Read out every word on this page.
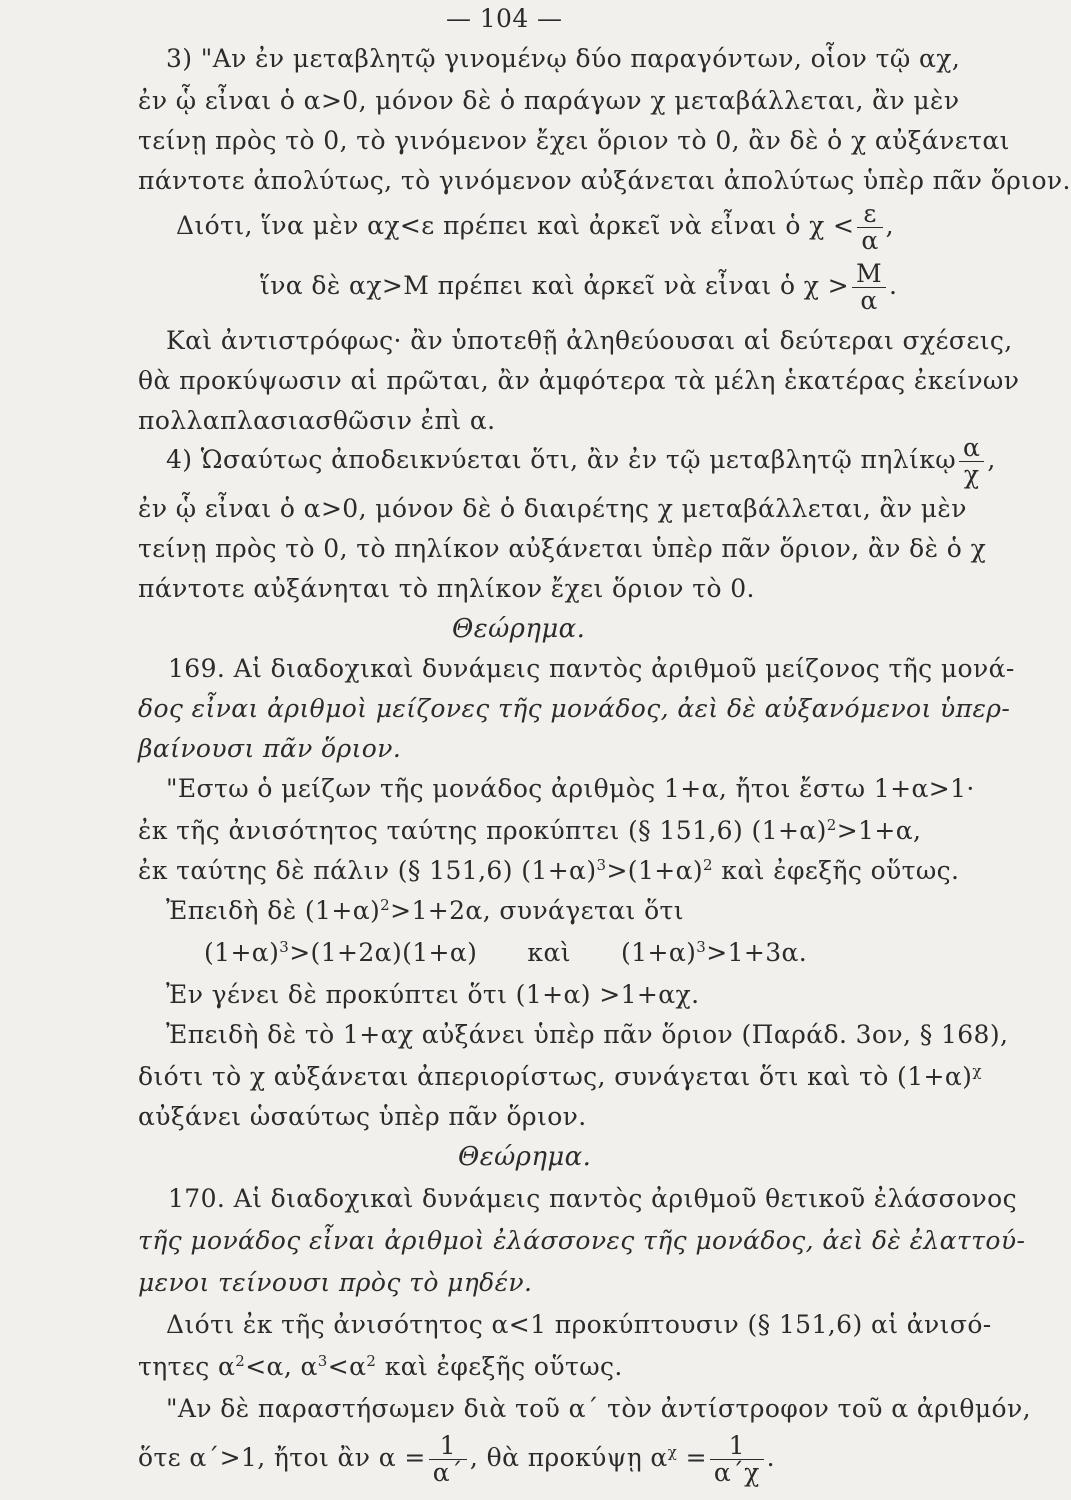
— 104 —
3) "Αν ἐν μεταβλητῷ γινομένῳ δύο παραγόντων, οἷον τῷ αχ,
ἐν ᾧ εἶναι ὁ α>0, μόνον δὲ ὁ παράγων χ μεταβάλλεται, ἂν μὲν
τείνῃ πρὸς τὸ 0, τὸ γινόμενον ἔχει ὅριον τὸ 0, ἂν δὲ ὁ χ αὐξάνεται
πάντοτε ἀπολύτως, τὸ γινόμενον αὐξάνεται ἀπολύτως ὑπὲρ πᾶν ὅριον.
Διότι, ἵνα μὲν αχ<ε πρέπει καὶ ἀρκεῖ νὰ εἶναι ὁ $\chi < \frac{\varepsilon}{\alpha}$ ,
ἵνα δὲ αχ>M πρέπει καὶ ἀρκεῖ νὰ εἶναι ὁ $\chi > \frac{M}{\alpha}$ .
Καὶ ἀντιστρόφως· ἂν ὑποτεθῇ ἀληθεύουσαι αἱ δεύτεραι σχέσεις,
θὰ προκύψωσιν αἱ πρῶται, ἂν ἀμφότερα τὰ μέλη ἑκατέρας ἐκείνων
πολλαπλασιασθῶσιν ἐπὶ α.
4) Ὡσαύτως ἀποδεικνύεται ὅτι, ἂν ἐν τῷ μεταβλητῷ πηλίκῳ $\frac{\alpha}{\chi}$ ,
ἐν ᾧ εἶναι ὁ α>0, μόνον δὲ ὁ διαιρέτης χ μεταβάλλεται, ἂν μὲν
τείνῃ πρὸς τὸ 0, τὸ πηλίκον αὐξάνεται ὑπὲρ πᾶν ὅριον, ἂν δὲ ὁ χ
πάντοτε αὐξάνηται τὸ πηλίκον ἔχει ὅριον τὸ 0.
Θεώρημα.
169. Αἱ διαδοχικαὶ δυνάμεις παντὸς ἀριθμοῦ μείζονος τῆς μονά-
δος εἶναι ἀριθμοὶ μείζονες τῆς μονάδος, ἀεὶ δὲ αὐξανόμενοι ὑπερ-
βαίνουσι πᾶν ὅριον.
"Εστω ὁ μείζων τῆς μονάδος ἀριθμὸς 1+α, ἤτοι ἔστω 1+α>1·
ἐκ τῆς ἀνισότητος ταύτης προκύπτει (§ 151,6) $(1+\alpha)^2>1+\alpha$,
ἐκ ταύτης δὲ πάλιν (§ 151,6) $(1+\alpha)^3>(1+\alpha)^2$ καὶ ἐφεξῆς οὕτως.
Ἐπειδὴ δὲ $(1+\alpha)^2>1+2\alpha$, συνάγεται ὅτι
$(1+\alpha)^3>(1+2\alpha)(1+\alpha)$      καὶ      $(1+\alpha)^3>1+3\alpha$.
Ἐν γένει δὲ προκύπτει ὅτι (1+α) >1+αχ.
Ἐπειδὴ δὲ τὸ 1+αχ αὐξάνει ὑπὲρ πᾶν ὅριον (Παράδ. 3ον, § 168),
διότι τὸ χ αὐξάνεται ἀπεριορίστως, συνάγεται ὅτι καὶ τὸ $(1+\alpha)^\chi$
αὐξάνει ὡσαύτως ὑπὲρ πᾶν ὅριον.
Θεώρημα.
170. Αἱ διαδοχικαὶ δυνάμεις παντὸς ἀριθμοῦ θετικοῦ ἐλάσσονος
τῆς μονάδος εἶναι ἀριθμοὶ ἐλάσσονες τῆς μονάδος, ἀεὶ δὲ ἐλαττού-
μενοι τείνουσι πρὸς τὸ μηδέν.
Διότι ἐκ τῆς ἀνισότητος α<1 προκύπτουσιν (§ 151,6) αἱ ἀνισό-
τητες $\alpha^2<\alpha$, $\alpha^3<\alpha^2$ καὶ ἐφεξῆς οὕτως.
"Αν δὲ παραστήσωμεν διὰ τοῦ α΄ τὸν ἀντίστροφον τοῦ α ἀριθμόν,
ὅτε α΄>1, ἤτοι ἂν $\alpha = \frac{1}{\alpha΄}$ , θὰ προκύψῃ $\alpha^\chi = \frac{1}{\alpha΄\chi}$ .
